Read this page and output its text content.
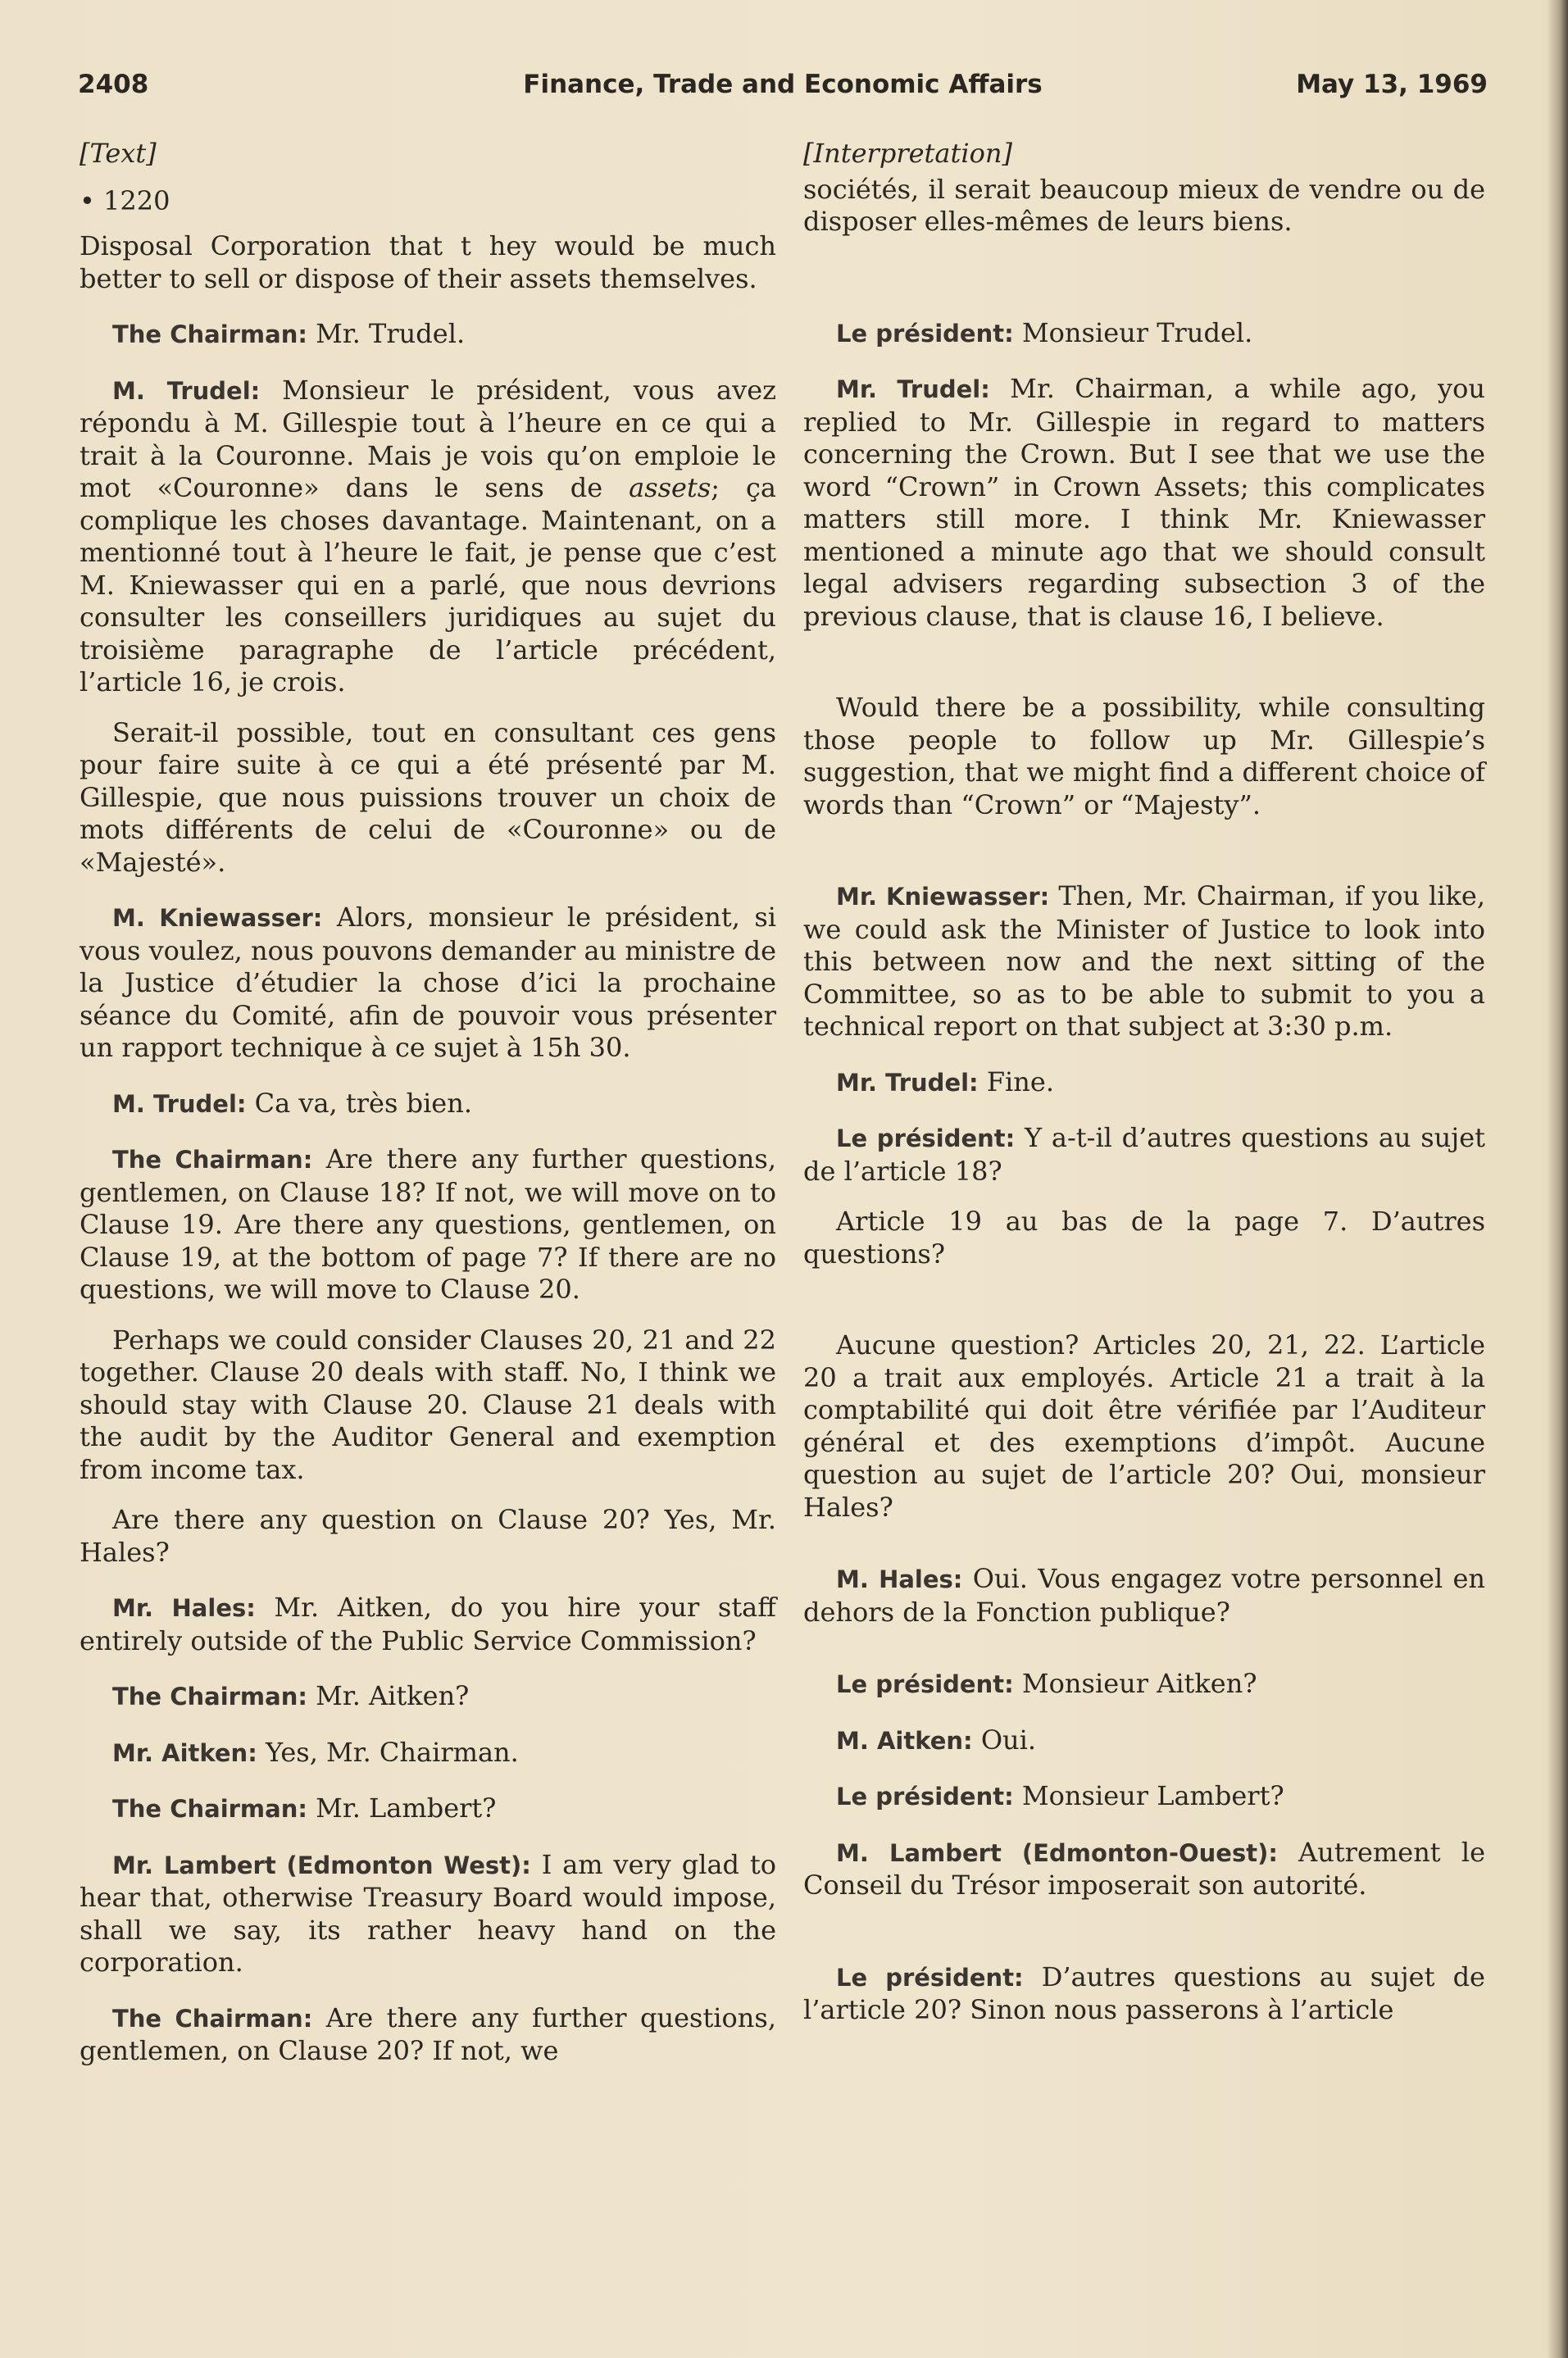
2408	Finance, Trade and Economic Affairs	May 13, 1969

[Text]

• 1220

Disposal Corporation that t hey would be much better to sell or dispose of their assets themselves.

The Chairman: Mr. Trudel.

M. Trudel: Monsieur le président, vous avez répondu à M. Gillespie tout à l’heure en ce qui a trait à la Couronne. Mais je vois qu’on emploie le mot «Couronne» dans le sens de assets; ça complique les choses davantage. Maintenant, on a mentionné tout à l’heure le fait, je pense que c’est M. Kniewasser qui en a parlé, que nous devrions consulter les conseillers juridiques au sujet du troisième paragraphe de l’article précédent, l’article 16, je crois.

Serait-il possible, tout en consultant ces gens pour faire suite à ce qui a été présenté par M. Gillespie, que nous puissions trouver un choix de mots différents de celui de «Couronne» ou de «Majesté».

M. Kniewasser: Alors, monsieur le président, si vous voulez, nous pouvons demander au ministre de la Justice d’étudier la chose d’ici la prochaine séance du Comité, afin de pouvoir vous présenter un rapport technique à ce sujet à 15h 30.

M. Trudel: Ca va, très bien.

The Chairman: Are there any further questions, gentlemen, on Clause 18? If not, we will move on to Clause 19. Are there any questions, gentlemen, on Clause 19, at the bottom of page 7? If there are no questions, we will move to Clause 20.

Perhaps we could consider Clauses 20, 21 and 22 together. Clause 20 deals with staff. No, I think we should stay with Clause 20. Clause 21 deals with the audit by the Auditor General and exemption from income tax.

Are there any question on Clause 20? Yes, Mr. Hales?

Mr. Hales: Mr. Aitken, do you hire your staff entirely outside of the Public Service Commission?

The Chairman: Mr. Aitken?

Mr. Aitken: Yes, Mr. Chairman.

The Chairman: Mr. Lambert?

Mr. Lambert (Edmonton West): I am very glad to hear that, otherwise Treasury Board would impose, shall we say, its rather heavy hand on the corporation.

The Chairman: Are there any further questions, gentlemen, on Clause 20? If not, we

[Interpretation]

sociétés, il serait beaucoup mieux de vendre ou de disposer elles-mêmes de leurs biens.

Le président: Monsieur Trudel.

Mr. Trudel: Mr. Chairman, a while ago, you replied to Mr. Gillespie in regard to matters concerning the Crown. But I see that we use the word “Crown” in Crown Assets; this complicates matters still more. I think Mr. Kniewasser mentioned a minute ago that we should consult legal advisers regarding subsection 3 of the previous clause, that is clause 16, I believe.

Would there be a possibility, while consulting those people to follow up Mr. Gillespie’s suggestion, that we might find a different choice of words than “Crown” or “Majesty”.

Mr. Kniewasser: Then, Mr. Chairman, if you like, we could ask the Minister of Justice to look into this between now and the next sitting of the Committee, so as to be able to submit to you a technical report on that subject at 3:30 p.m.

Mr. Trudel: Fine.

Le président: Y a-t-il d’autres questions au sujet de l’article 18?

Article 19 au bas de la page 7. D’autres questions?

Aucune question? Articles 20, 21, 22. L’article 20 a trait aux employés. Article 21 a trait à la comptabilité qui doit être vérifiée par l’Auditeur général et des exemptions d’impôt. Aucune question au sujet de l’article 20? Oui, monsieur Hales?

M. Hales: Oui. Vous engagez votre personnel en dehors de la Fonction publique?

Le président: Monsieur Aitken?

M. Aitken: Oui.

Le président: Monsieur Lambert?

M. Lambert (Edmonton-Ouest): Autrement le Conseil du Trésor imposerait son autorité.

Le président: D’autres questions au sujet de l’article 20? Sinon nous passerons à l’article
